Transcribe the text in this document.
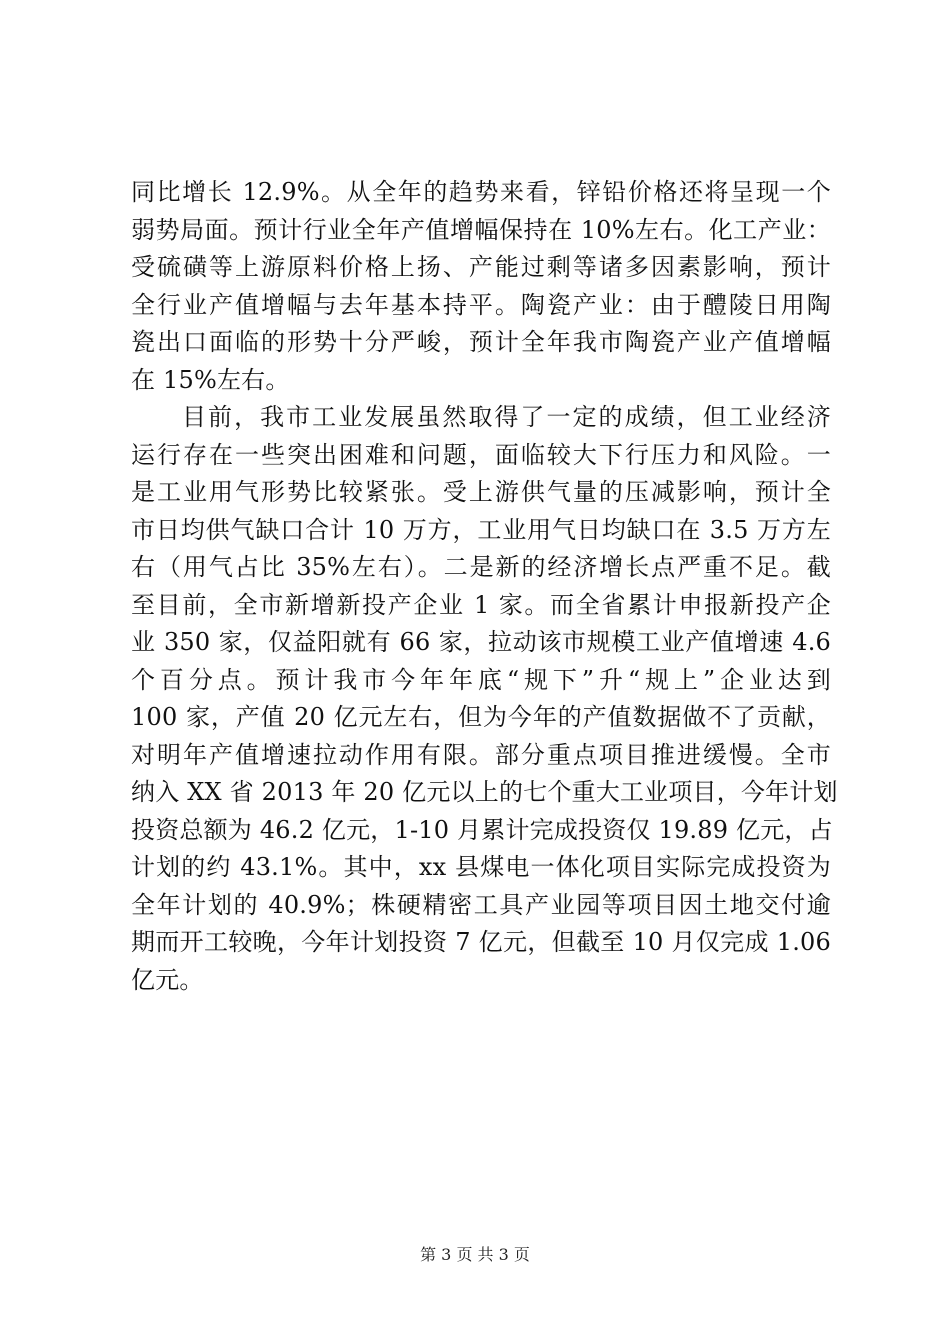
同比增长 12.9%。从全年的趋势来看，锌铅价格还将呈现一个
弱势局面。预计行业全年产值增幅保持在 10%左右。化工产业：
受硫磺等上游原料价格上扬、产能过剩等诸多因素影响，预计
全行业产值增幅与去年基本持平。陶瓷产业：由于醴陵日用陶
瓷出口面临的形势十分严峻，预计全年我市陶瓷产业产值增幅
在 15%左右。
目前，我市工业发展虽然取得了一定的成绩，但工业经济
运行存在一些突出困难和问题，面临较大下行压力和风险。一
是工业用气形势比较紧张。受上游供气量的压减影响，预计全
市日均供气缺口合计 10 万方，工业用气日均缺口在 3.5 万方左
右（用气占比 35%左右）。二是新的经济增长点严重不足。截
至目前，全市新增新投产企业 1 家。而全省累计申报新投产企
业 350 家，仅益阳就有 66 家，拉动该市规模工业产值增速 4.6
个百分点。预计我市今年年底“规下”升“规上”企业达到
100 家，产值 20 亿元左右，但为今年的产值数据做不了贡献，
对明年产值增速拉动作用有限。部分重点项目推进缓慢。全市
纳入 XX 省 2013 年 20 亿元以上的七个重大工业项目，今年计划
投资总额为 46.2 亿元，1-10 月累计完成投资仅 19.89 亿元，占
计划的约 43.1%。其中，xx 县煤电一体化项目实际完成投资为
全年计划的 40.9%；株硬精密工具产业园等项目因土地交付逾
期而开工较晚，今年计划投资 7 亿元，但截至 10 月仅完成 1.06
亿元。
第 3 页 共 3 页
